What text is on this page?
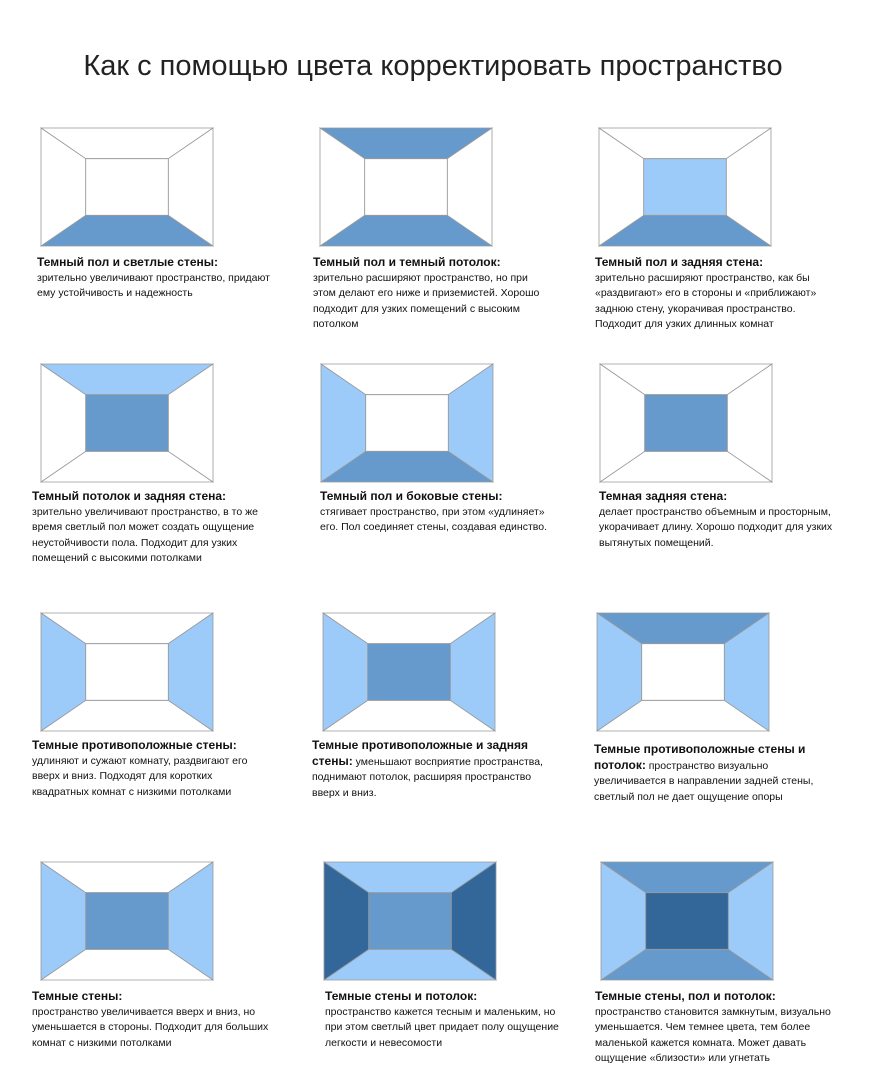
Как с помощью цвета корректировать пространство
Темный пол и светлые стены:
зрительно увеличивают пространство, придают ему устойчивость и надежность
Темный пол и темный потолок:
зрительно расширяют пространство, но при этом делают его ниже и приземистей. Хорошо подходит для узких помещений с высоким потолком
Темный пол и задняя стена:
зрительно расширяют пространство, как бы «раздвигают» его в стороны и «приближают» заднюю стену, укорачивая пространство. Подходит для узких длинных комнат
Темный потолок и задняя стена:
зрительно увеличивают пространство, в то же время светлый пол может создать ощущение неустойчивости пола. Подходит для узких помещений с высокими потолками
Темный пол и боковые стены:
стягивает пространство, при этом «удлиняет» его. Пол соединяет стены, создавая единство.
Темная задняя стена:
делает пространство объемным и просторным, укорачивает длину. Хорошо подходит для узких вытянутых помещений.
Темные противоположные стены:
удлиняют и сужают комнату, раздвигают его вверх и вниз. Подходят для коротких квадратных комнат с низкими потолками
Темные противоположные и задняя стены: уменьшают восприятие пространства, поднимают потолок, расширяя пространство вверх и вниз.
Темные противоположные стены и потолок: пространство визуально увеличивается в направлении задней стены, светлый пол не дает ощущение опоры
Темные стены:
пространство увеличивается вверх и вниз, но уменьшается в стороны. Подходит для больших комнат с низкими потолками
Темные стены и потолок:
пространство кажется тесным и маленьким, но при этом светлый цвет придает полу ощущение легкости и невесомости
Темные стены, пол и потолок:
пространство становится замкнутым, визуально уменьшается. Чем темнее цвета, тем более маленькой кажется комната. Может давать ощущение «близости» или угнетать
